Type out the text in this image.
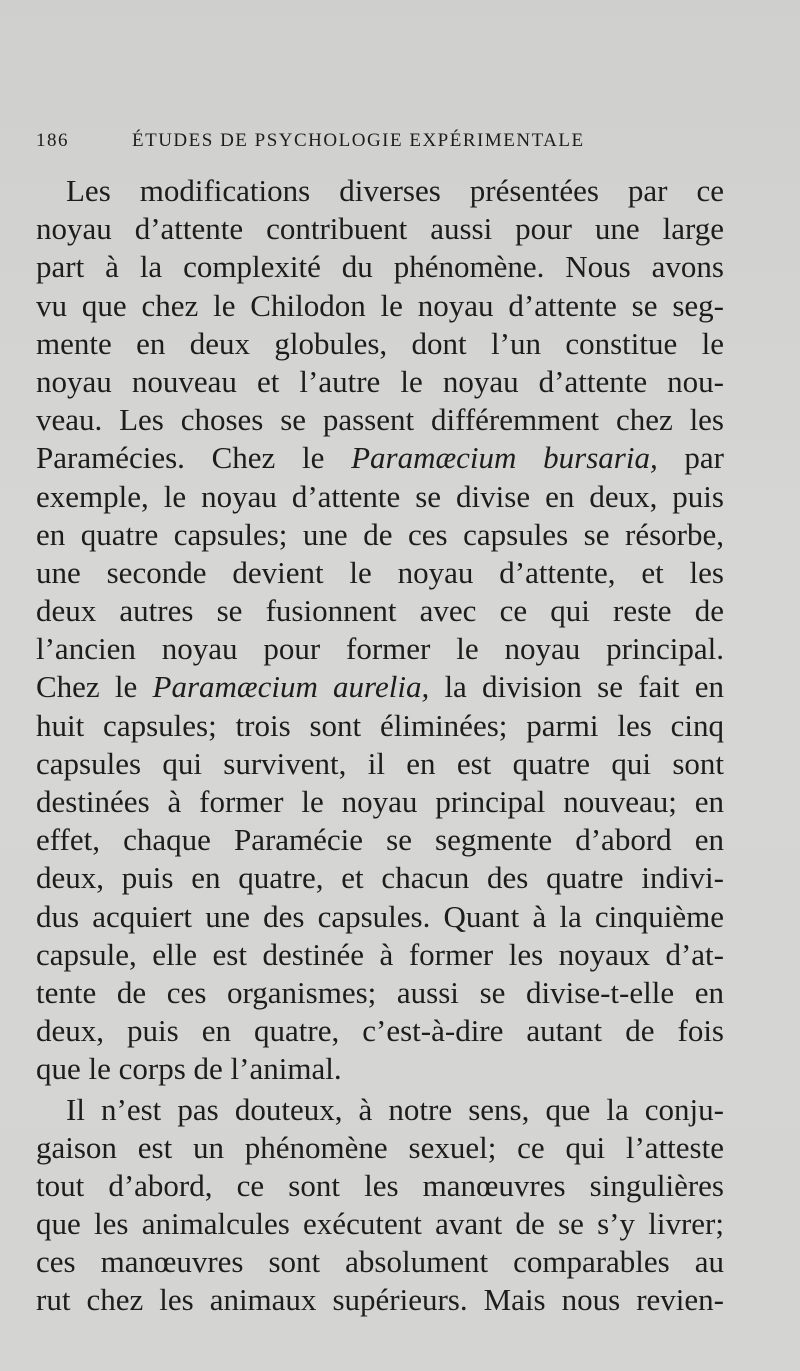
186	ÉTUDES DE PSYCHOLOGIE EXPÉRIMENTALE
Les modifications diverses présentées par ce
noyau d’attente contribuent aussi pour une large
part à la complexité du phénomène. Nous avons
vu que chez le Chilodon le noyau d’attente se seg-
mente en deux globules, dont l’un constitue le
noyau nouveau et l’autre le noyau d’attente nou-
veau. Les choses se passent différemment chez les
Paramécies. Chez le Paramæcium bursaria, par
exemple, le noyau d’attente se divise en deux, puis
en quatre capsules; une de ces capsules se résorbe,
une seconde devient le noyau d’attente, et les
deux autres se fusionnent avec ce qui reste de
l’ancien noyau pour former le noyau principal.
Chez le Paramæcium aurelia, la division se fait en
huit capsules; trois sont éliminées; parmi les cinq
capsules qui survivent, il en est quatre qui sont
destinées à former le noyau principal nouveau; en
effet, chaque Paramécie se segmente d’abord en
deux, puis en quatre, et chacun des quatre indivi-
dus acquiert une des capsules. Quant à la cinquième
capsule, elle est destinée à former les noyaux d’at-
tente de ces organismes; aussi se divise-t-elle en
deux, puis en quatre, c’est-à-dire autant de fois
que le corps de l’animal.
Il n’est pas douteux, à notre sens, que la conju-
gaison est un phénomène sexuel; ce qui l’atteste
tout d’abord, ce sont les manœuvres singulières
que les animalcules exécutent avant de se s’y livrer;
ces manœuvres sont absolument comparables au
rut chez les animaux supérieurs. Mais nous revien-
